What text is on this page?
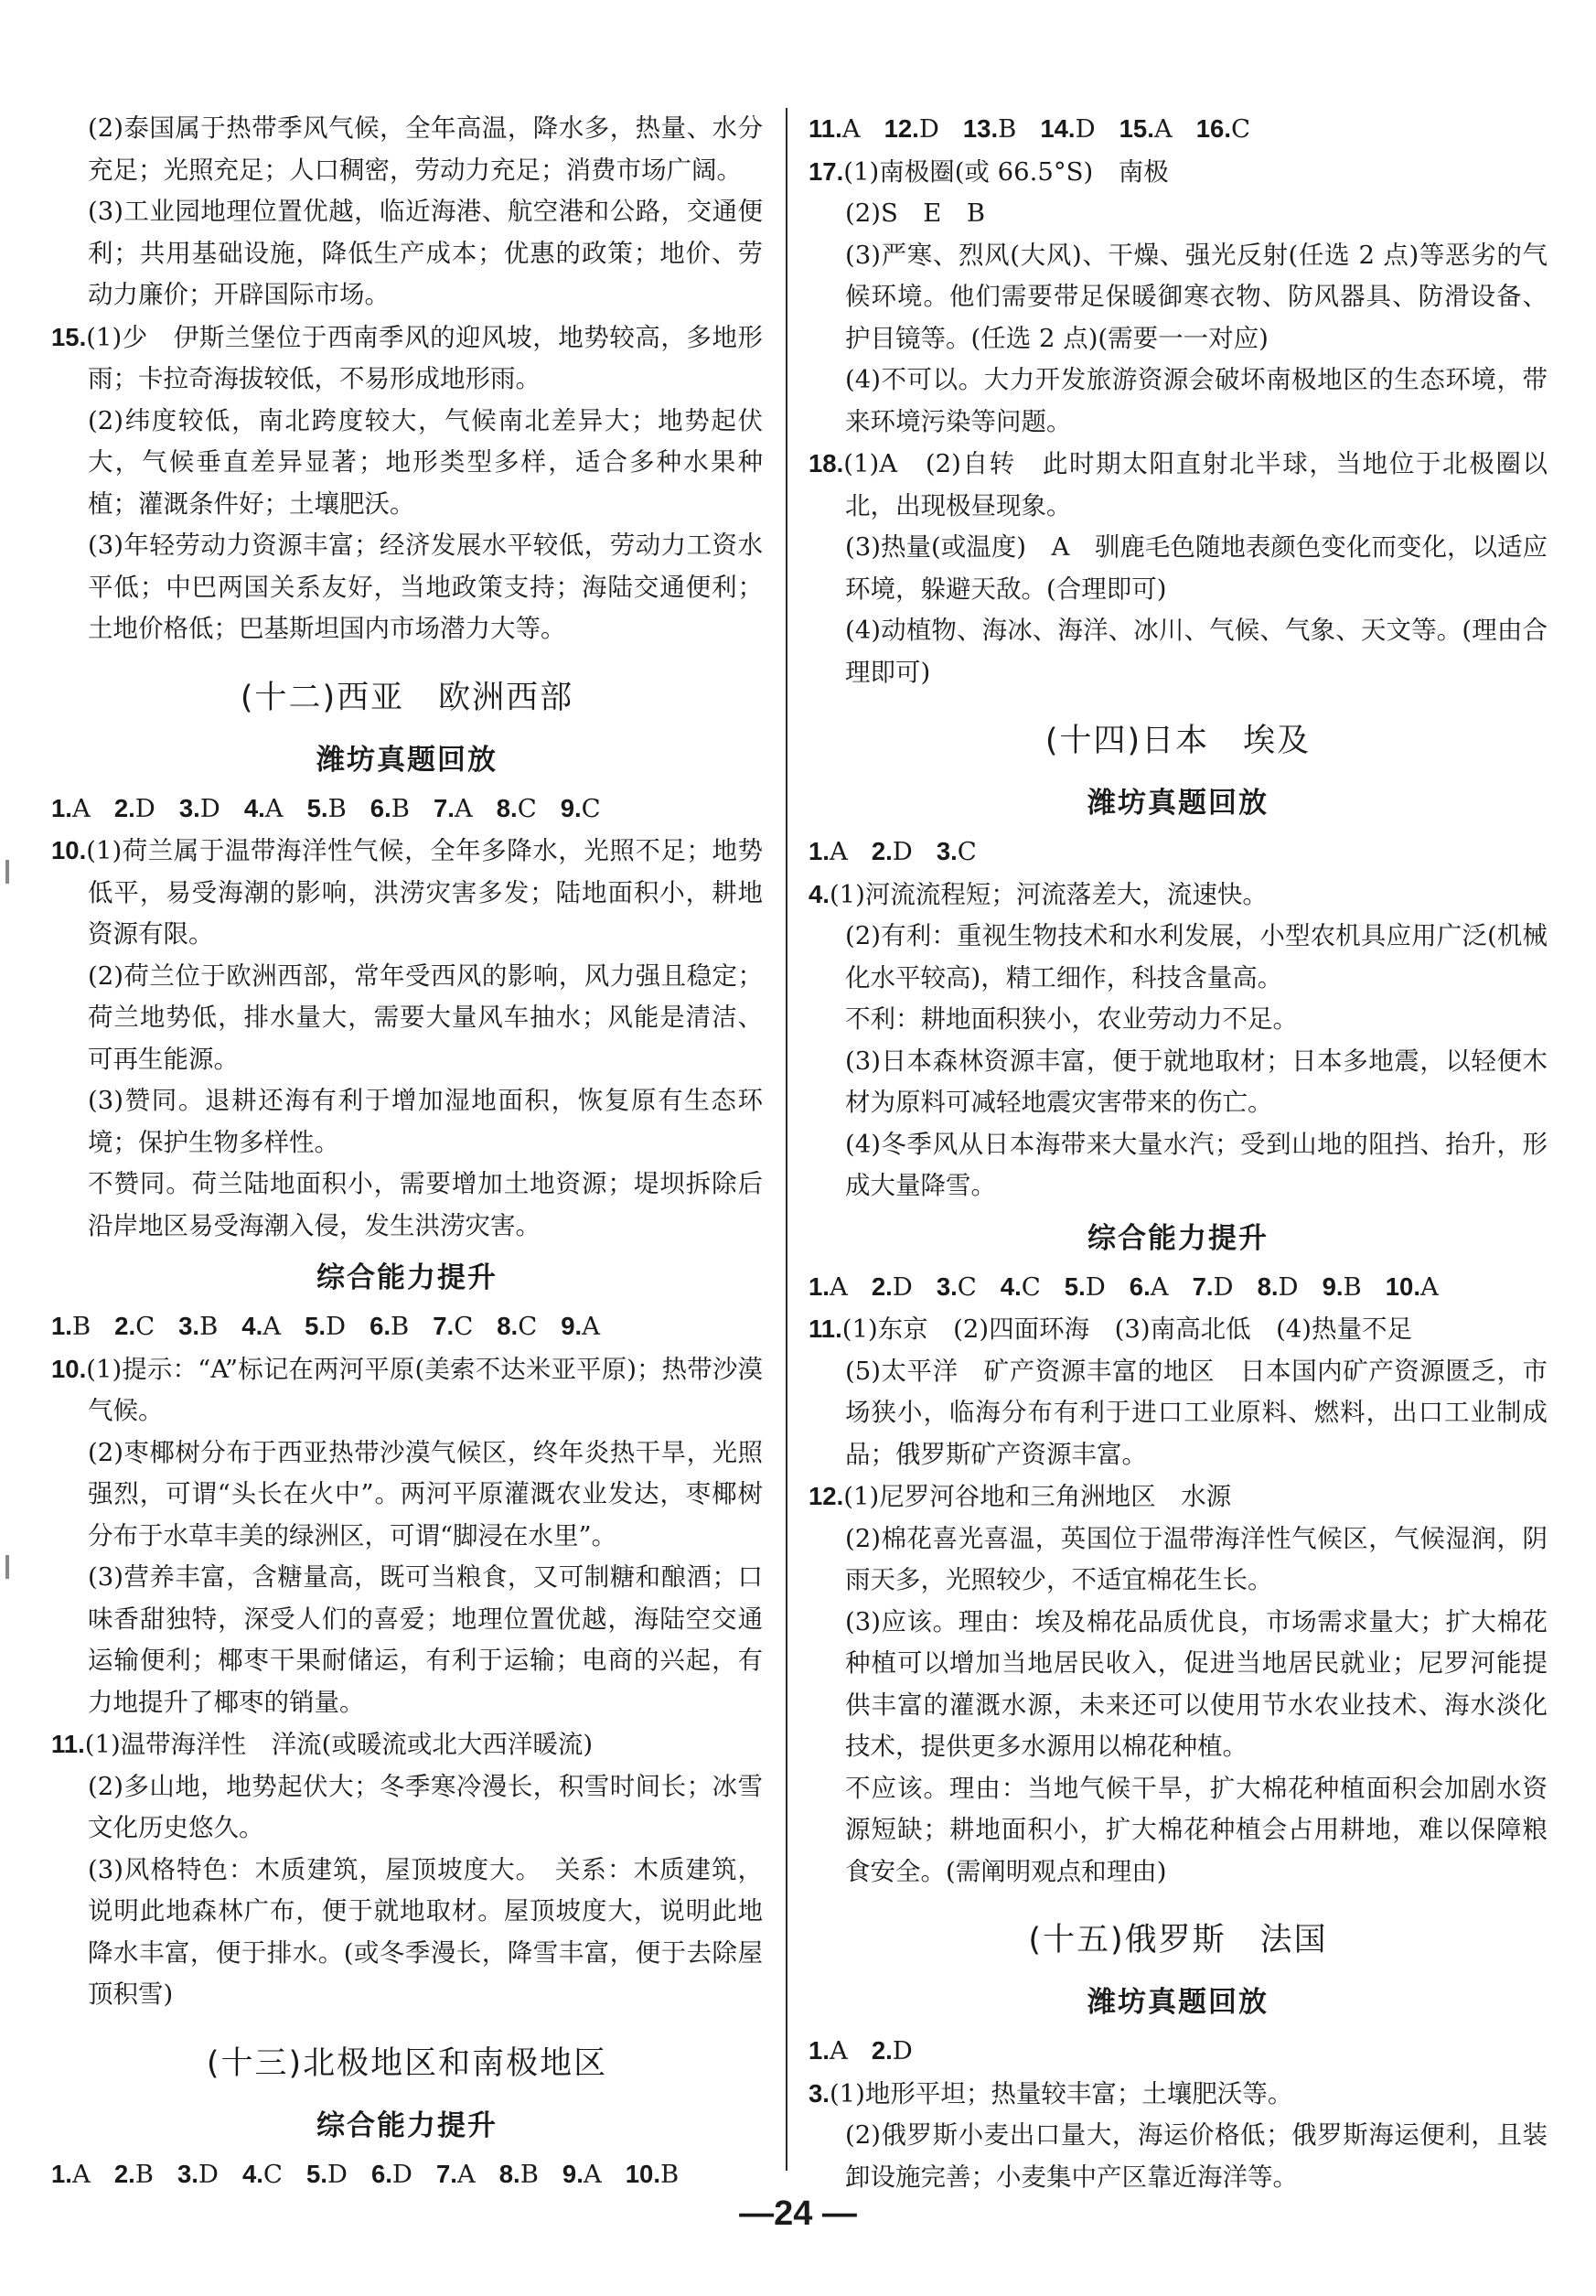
(2)泰国属于热带季风气候，全年高温，降水多，热量、水分充足；光照充足；人口稠密，劳动力充足；消费市场广阔。
(3)工业园地理位置优越，临近海港、航空港和公路，交通便利；共用基础设施，降低生产成本；优惠的政策；地价、劳动力廉价；开辟国际市场。
15.(1)少　伊斯兰堡位于西南季风的迎风坡，地势较高，多地形雨；卡拉奇海拔较低，不易形成地形雨。
(2)纬度较低，南北跨度较大，气候南北差异大；地势起伏大，气候垂直差异显著；地形类型多样，适合多种水果种植；灌溉条件好；土壤肥沃。
(3)年轻劳动力资源丰富；经济发展水平较低，劳动力工资水平低；中巴两国关系友好，当地政策支持；海陆交通便利；土地价格低；巴基斯坦国内市场潜力大等。
(十二)西亚　欧洲西部
潍坊真题回放
1.A 2.D 3.D 4.A 5.B 6.B 7.A 8.C 9.C
10.(1)荷兰属于温带海洋性气候，全年多降水，光照不足；地势低平，易受海潮的影响，洪涝灾害多发；陆地面积小，耕地资源有限。
(2)荷兰位于欧洲西部，常年受西风的影响，风力强且稳定；荷兰地势低，排水量大，需要大量风车抽水；风能是清洁、可再生能源。
(3)赞同。退耕还海有利于增加湿地面积，恢复原有生态环境；保护生物多样性。
不赞同。荷兰陆地面积小，需要增加土地资源；堤坝拆除后沿岸地区易受海潮入侵，发生洪涝灾害。
综合能力提升
1.B 2.C 3.B 4.A 5.D 6.B 7.C 8.C 9.A
10.(1)提示：“A”标记在两河平原(美索不达米亚平原)；热带沙漠气候。
(2)枣椰树分布于西亚热带沙漠气候区，终年炎热干旱，光照强烈，可谓“头长在火中”。两河平原灌溉农业发达，枣椰树分布于水草丰美的绿洲区，可谓“脚浸在水里”。
(3)营养丰富，含糖量高，既可当粮食，又可制糖和酿酒；口味香甜独特，深受人们的喜爱；地理位置优越，海陆空交通运输便利；椰枣干果耐储运，有利于运输；电商的兴起，有力地提升了椰枣的销量。
11.(1)温带海洋性　洋流(或暖流或北大西洋暖流)
(2)多山地，地势起伏大；冬季寒冷漫长，积雪时间长；冰雪文化历史悠久。
(3)风格特色：木质建筑，屋顶坡度大。　关系：木质建筑，说明此地森林广布，便于就地取材。屋顶坡度大，说明此地降水丰富，便于排水。(或冬季漫长，降雪丰富，便于去除屋顶积雪)
(十三)北极地区和南极地区
综合能力提升
1.A 2.B 3.D 4.C 5.D 6.D 7.A 8.B 9.A 10.B
11.A 12.D 13.B 14.D 15.A 16.C
17.(1)南极圈(或 66.5°S)　南极
(2)S　E　B
(3)严寒、烈风(大风)、干燥、强光反射(任选 2 点)等恶劣的气候环境。他们需要带足保暖御寒衣物、防风器具、防滑设备、护目镜等。(任选 2 点)(需要一一对应)
(4)不可以。大力开发旅游资源会破坏南极地区的生态环境，带来环境污染等问题。
18.(1)A　(2)自转　此时期太阳直射北半球，当地位于北极圈以北，出现极昼现象。
(3)热量(或温度)　A　驯鹿毛色随地表颜色变化而变化，以适应环境，躲避天敌。(合理即可)
(4)动植物、海冰、海洋、冰川、气候、气象、天文等。(理由合理即可)
(十四)日本　埃及
潍坊真题回放
1.A 2.D 3.C
4.(1)河流流程短；河流落差大，流速快。
(2)有利：重视生物技术和水利发展，小型农机具应用广泛(机械化水平较高)，精工细作，科技含量高。
不利：耕地面积狭小，农业劳动力不足。
(3)日本森林资源丰富，便于就地取材；日本多地震，以轻便木材为原料可减轻地震灾害带来的伤亡。
(4)冬季风从日本海带来大量水汽；受到山地的阻挡、抬升，形成大量降雪。
综合能力提升
1.A 2.D 3.C 4.C 5.D 6.A 7.D 8.D 9.B 10.A
11.(1)东京　(2)四面环海　(3)南高北低　(4)热量不足
(5)太平洋　矿产资源丰富的地区　日本国内矿产资源匮乏，市场狭小，临海分布有利于进口工业原料、燃料，出口工业制成品；俄罗斯矿产资源丰富。
12.(1)尼罗河谷地和三角洲地区　水源
(2)棉花喜光喜温，英国位于温带海洋性气候区，气候湿润，阴雨天多，光照较少，不适宜棉花生长。
(3)应该。理由：埃及棉花品质优良，市场需求量大；扩大棉花种植可以增加当地居民收入，促进当地居民就业；尼罗河能提供丰富的灌溉水源，未来还可以使用节水农业技术、海水淡化技术，提供更多水源用以棉花种植。
不应该。理由：当地气候干旱，扩大棉花种植面积会加剧水资源短缺；耕地面积小，扩大棉花种植会占用耕地，难以保障粮食安全。(需阐明观点和理由)
(十五)俄罗斯　法国
潍坊真题回放
1.A 2.D
3.(1)地形平坦；热量较丰富；土壤肥沃等。
(2)俄罗斯小麦出口量大，海运价格低；俄罗斯海运便利，且装卸设施完善；小麦集中产区靠近海洋等。
—24 —
